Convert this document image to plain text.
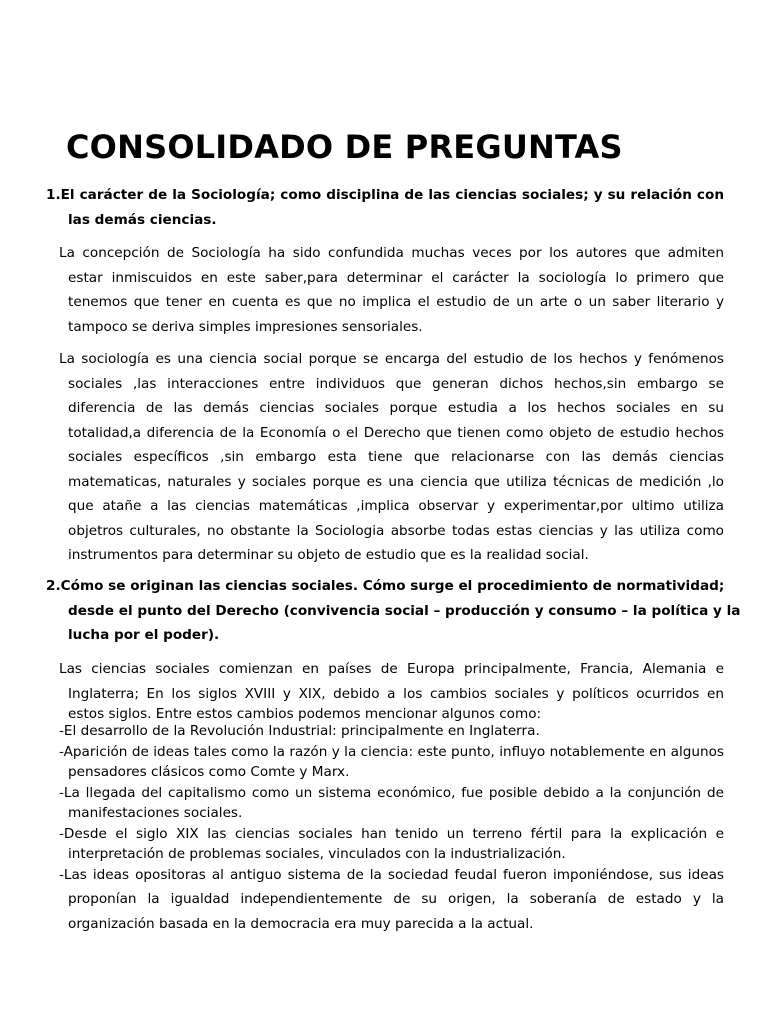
CONSOLIDADO DE PREGUNTAS
1.El carácter de la Sociología; como disciplina de las ciencias sociales; y su relación con
las demás ciencias.
La concepción de Sociología ha sido confundida muchas veces por los autores que admiten
estar inmiscuidos en este saber,para determinar el carácter la sociología lo primero que
tenemos que tener en cuenta es que no implica el estudio de un arte o un saber literario y
tampoco se deriva simples impresiones sensoriales.
La sociología es una ciencia social porque se encarga del estudio de los hechos y fenómenos
sociales ,las interacciones entre individuos que generan dichos hechos,sin embargo se
diferencia de las demás ciencias sociales porque estudia a los hechos sociales en su
totalidad,a diferencia de la Economía o el Derecho que tienen como objeto de estudio hechos
sociales específicos ,sin embargo esta tiene que relacionarse con las demás ciencias
matematicas, naturales y sociales porque es una ciencia que utiliza técnicas de medición ,lo
que atañe a las ciencias matemáticas ,implica observar y experimentar,por ultimo utiliza
objetros culturales, no obstante la Sociologia absorbe todas estas ciencias y las utiliza como
instrumentos para determinar su objeto de estudio que es la realidad social.
2.Cómo se originan las ciencias sociales. Cómo surge el procedimiento de normatividad;
desde el punto del Derecho (convivencia social – producción y consumo – la política y la
lucha por el poder).
Las ciencias sociales comienzan en países de Europa principalmente, Francia, Alemania e
Inglaterra; En los siglos XVIII y XIX, debido a los cambios sociales y políticos ocurridos en
estos siglos. Entre estos cambios podemos mencionar algunos como:
-El desarrollo de la Revolución Industrial: principalmente en Inglaterra.
-Aparición de ideas tales como la razón y la ciencia: este punto, influyo notablemente en algunos
pensadores clásicos como Comte y Marx.
-La llegada del capitalismo como un sistema económico, fue posible debido a la conjunción de
manifestaciones sociales.
-Desde el siglo XIX las ciencias sociales han tenido un terreno fértil para la explicación e
interpretación de problemas sociales, vinculados con la industrialización.
-Las ideas opositoras al antiguo sistema de la sociedad feudal fueron imponiéndose, sus ideas
proponían la igualdad independientemente de su origen, la soberanía de estado y la
organización basada en la democracia era muy parecida a la actual.
